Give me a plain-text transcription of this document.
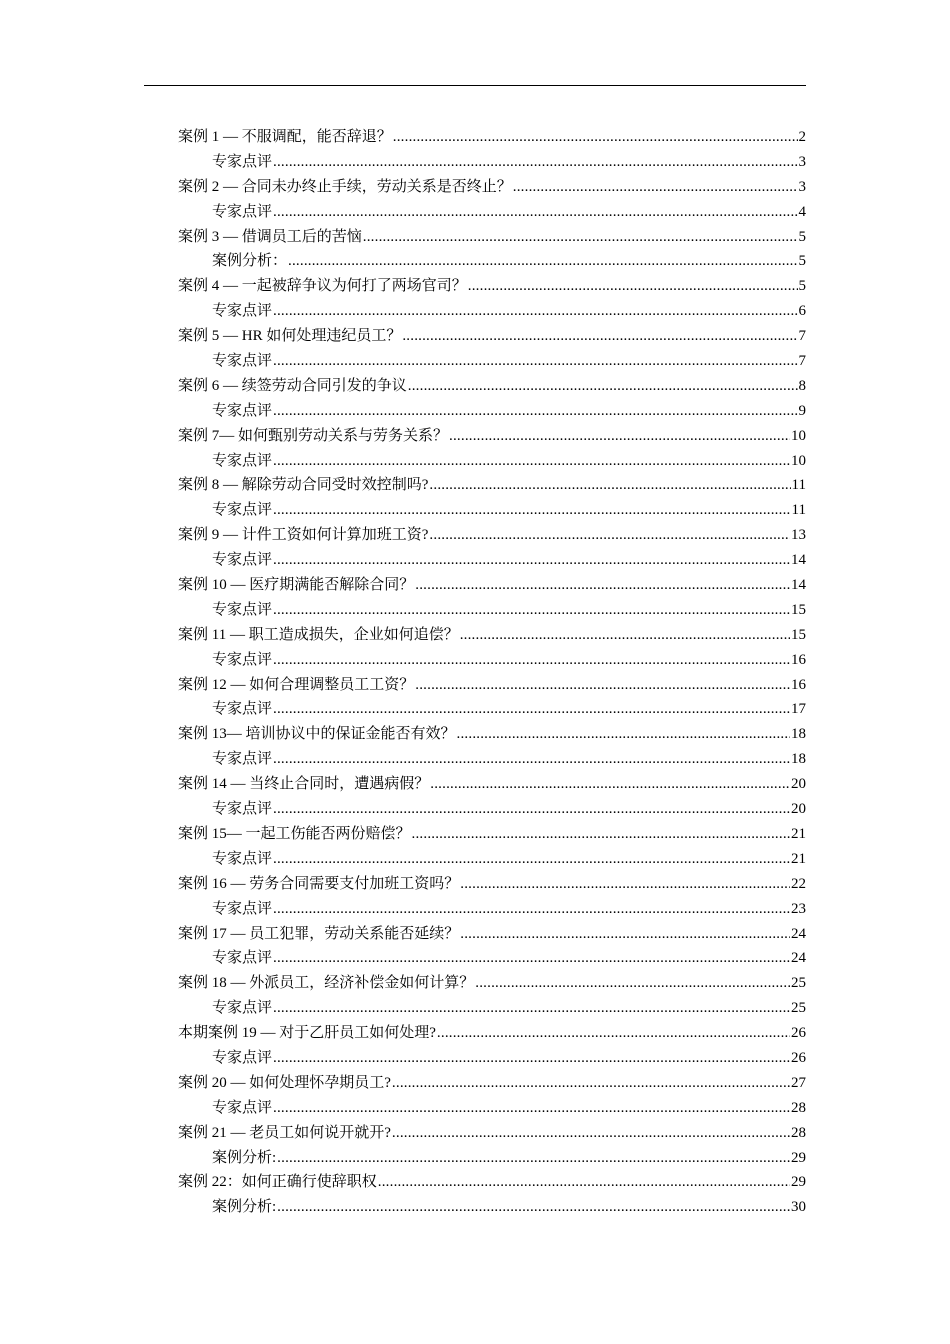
案例 1 — 不服调配，能否辞退？ .....	2
专家点评 .....	3
案例 2 — 合同未办终止手续，劳动关系是否终止？ .....	3
专家点评 .....	4
案例 3 — 借调员工后的苦恼 .....	5
案例分析： .....	5
案例 4 — 一起被辞争议为何打了两场官司？ .....	5
专家点评 .....	6
案例 5 — HR 如何处理违纪员工？ .....	7
专家点评 .....	7
案例 6 — 续签劳动合同引发的争议 .....	8
专家点评 .....	9
案例 7— 如何甄别劳动关系与劳务关系？ .....	10
专家点评 .....	10
案例 8 — 解除劳动合同受时效控制吗? .....	11
专家点评 .....	11
案例 9 — 计件工资如何计算加班工资? .....	13
专家点评 .....	14
案例 10 — 医疗期满能否解除合同？ .....	14
专家点评 .....	15
案例 11 — 职工造成损失，企业如何追偿？ .....	15
专家点评 .....	16
案例 12 — 如何合理调整员工工资？ .....	16
专家点评 .....	17
案例 13— 培训协议中的保证金能否有效？ .....	18
专家点评 .....	18
案例 14 — 当终止合同时，遭遇病假？ .....	20
专家点评 .....	20
案例 15— 一起工伤能否两份赔偿？ .....	21
专家点评 .....	21
案例 16 — 劳务合同需要支付加班工资吗？ .....	22
专家点评 .....	23
案例 17 — 员工犯罪，劳动关系能否延续？ .....	24
专家点评 .....	24
案例 18 — 外派员工，经济补偿金如何计算？ .....	25
专家点评 .....	25
本期案例 19 — 对于乙肝员工如何处理? .....	26
专家点评 .....	26
案例 20 — 如何处理怀孕期员工? .....	27
专家点评 .....	28
案例 21 — 老员工如何说开就开? .....	28
案例分析: .....	29
案例 22：如何正确行使辞职权 .....	29
案例分析: .....	30
